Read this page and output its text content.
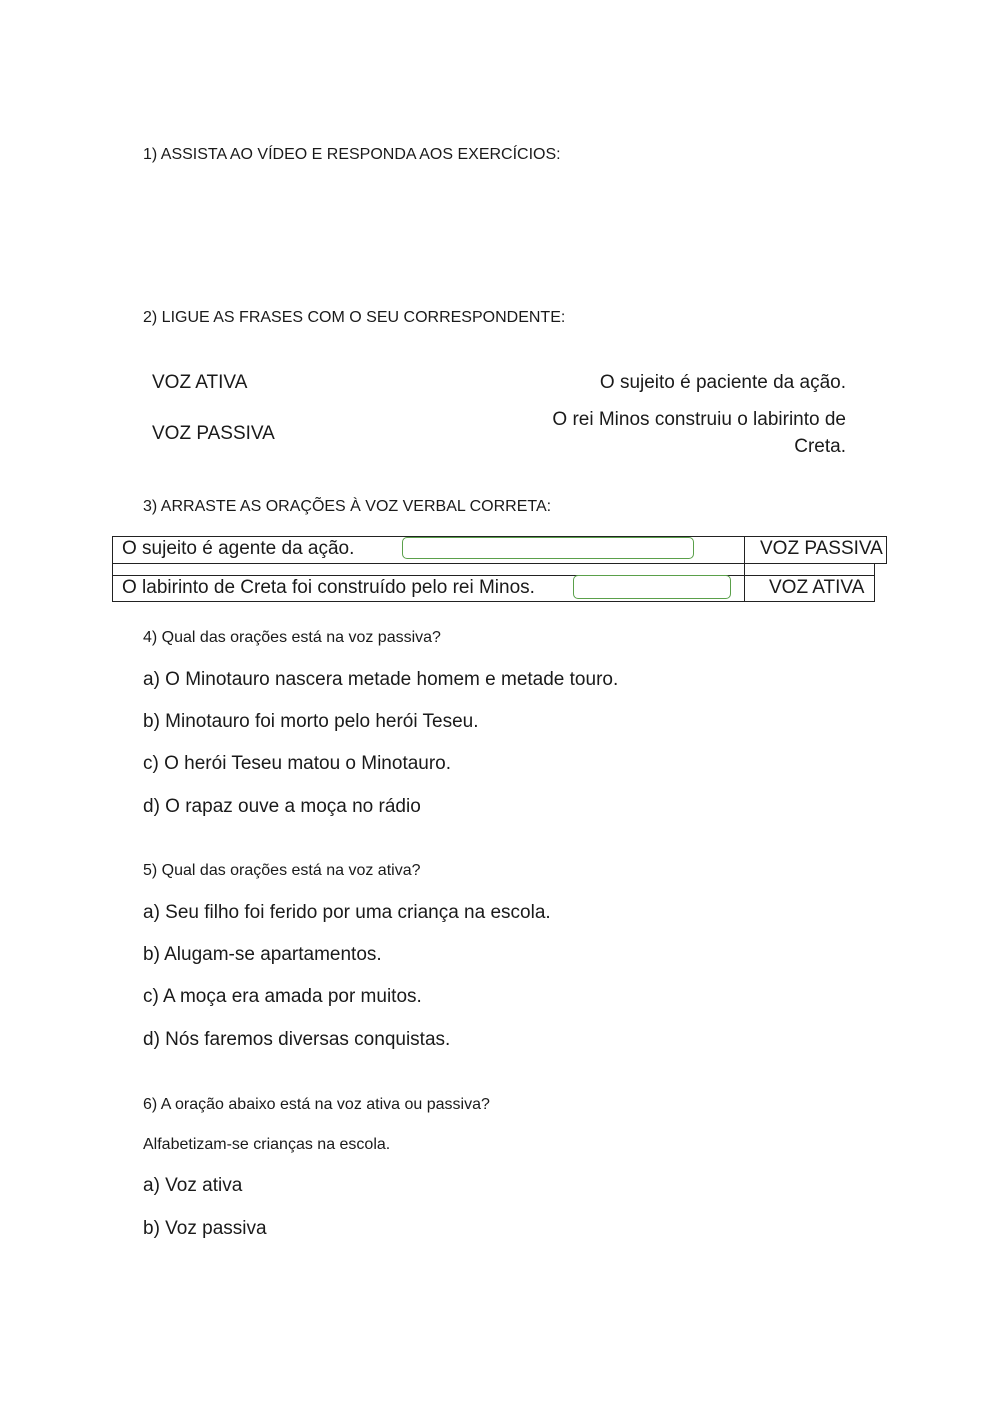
1) ASSISTA AO VÍDEO E RESPONDA AOS EXERCÍCIOS:
2) LIGUE AS FRASES COM O SEU CORRESPONDENTE:
VOZ ATIVA
VOZ PASSIVA
O sujeito é paciente da ação.
O rei Minos construiu o labirinto de
Creta.
3) ARRASTE AS ORAÇÕES À VOZ VERBAL CORRETA:
O sujeito é agente da ação.	VOZ PASSIVA
O labirinto de Creta foi construído pelo rei Minos.	VOZ ATIVA
4) Qual das orações está na voz passiva?
a) O Minotauro nascera metade homem e metade touro.
b) Minotauro foi morto pelo herói Teseu.
c) O herói Teseu matou o Minotauro.
d) O rapaz ouve a moça no rádio
5) Qual das orações está na voz ativa?
a) Seu filho foi ferido por uma criança na escola.
b) Alugam-se apartamentos.
c) A moça era amada por muitos.
d) Nós faremos diversas conquistas.
6) A oração abaixo está na voz ativa ou passiva?
Alfabetizam-se crianças na escola.
a) Voz ativa
b) Voz passiva
